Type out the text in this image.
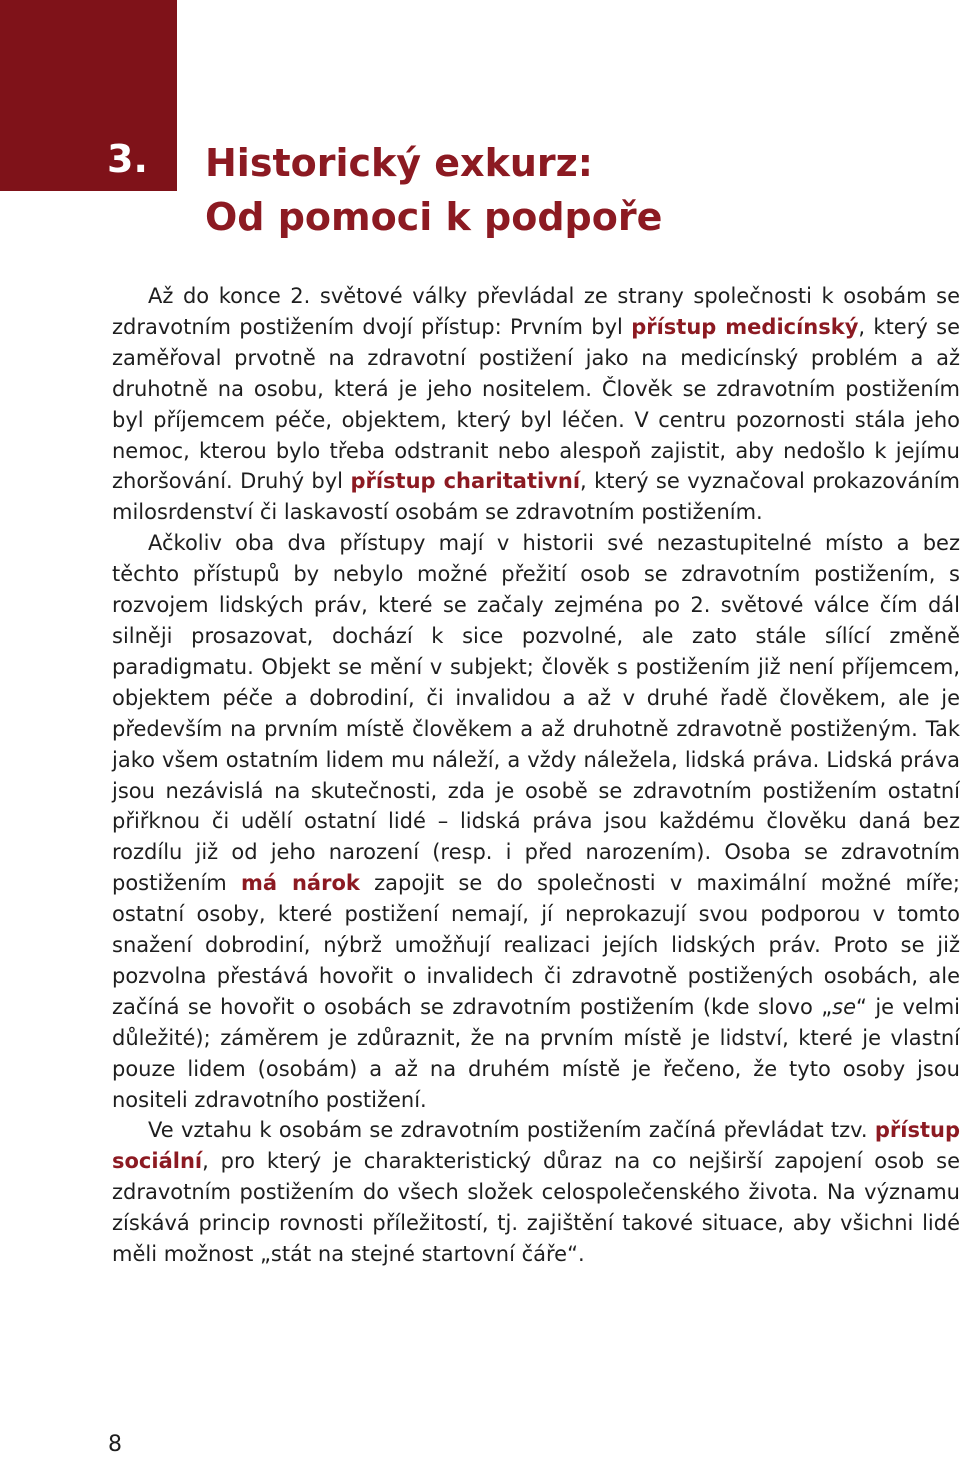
3. Historický exkurz:
Od pomoci k podpoře

Až do konce 2. světové války převládal ze strany společnosti k osobám se zdravotním postižením dvojí přístup: Prvním byl přístup medicínský, který se zaměřoval prvotně na zdravotní postižení jako na medicínský problém a až druhotně na osobu, která je jeho nositelem. Člověk se zdravotním postižením byl příjemcem péče, objektem, který byl léčen. V centru pozornosti stála jeho nemoc, kterou bylo třeba odstranit nebo alespoň zajistit, aby nedošlo k jejímu zhoršování. Druhý byl přístup charitativní, který se vyznačoval prokazováním milosrdenství či laskavostí osobám se zdravotním postižením.

Ačkoliv oba dva přístupy mají v historii své nezastupitelné místo a bez těchto přístupů by nebylo možné přežití osob se zdravotním postižením, s rozvojem lidských práv, které se začaly zejména po 2. světové válce čím dál silněji prosazovat, dochází k sice pozvolné, ale zato stále sílící změně paradigmatu. Objekt se mění v subjekt; člověk s postižením již není příjemcem, objektem péče a dobrodiní, či invalidou a až v druhé řadě člověkem, ale je především na prvním místě člověkem a až druhotně zdravotně postiženým. Tak jako všem ostatním lidem mu náleží, a vždy náležela, lidská práva. Lidská práva jsou nezávislá na skutečnosti, zda je osobě se zdravotním postižením ostatní přiřknou či udělí ostatní lidé – lidská práva jsou každému člověku daná bez rozdílu již od jeho narození (resp. i před narozením). Osoba se zdravotním postižením má nárok zapojit se do společnosti v maximální možné míře; ostatní osoby, které postižení nemají, jí neprokazují svou podporou v tomto snažení dobrodiní, nýbrž umožňují realizaci jejích lidských práv. Proto se již pozvolna přestává hovořit o invalidech či zdravotně postižených osobách, ale začíná se hovořit o osobách se zdravotním postižením (kde slovo „se“ je velmi důležité); záměrem je zdůraznit, že na prvním místě je lidství, které je vlastní pouze lidem (osobám) a až na druhém místě je řečeno, že tyto osoby jsou nositeli zdravotního postižení.

Ve vztahu k osobám se zdravotním postižením začíná převládat tzv. přístup sociální, pro který je charakteristický důraz na co nejširší zapojení osob se zdravotním postižením do všech složek celospolečenského života. Na významu získává princip rovnosti příležitostí, tj. zajištění takové situace, aby všichni lidé měli možnost „stát na stejné startovní čáře“.

8
